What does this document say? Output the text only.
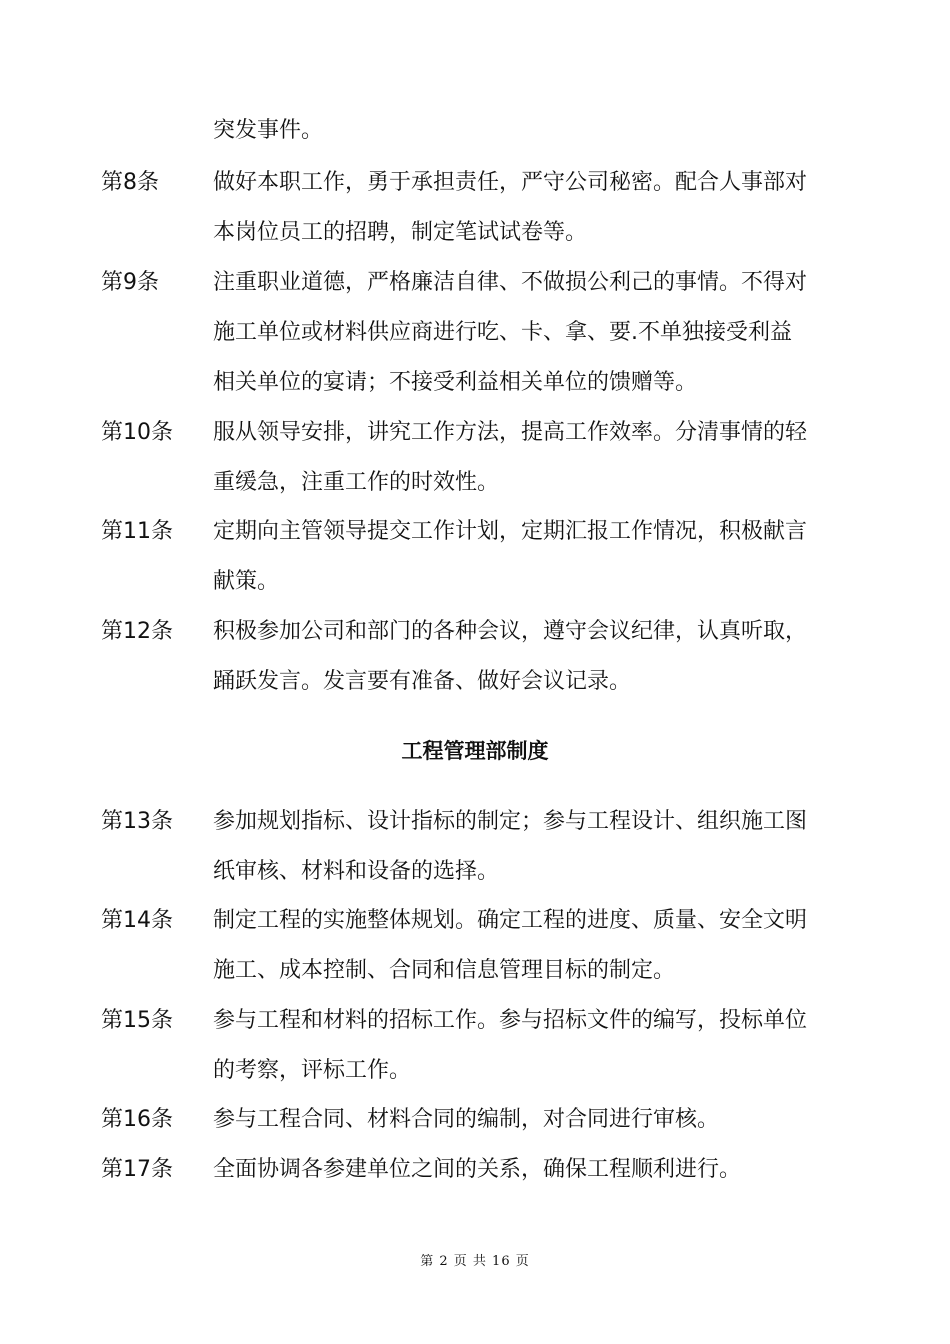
突发事件。
第8条 做好本职工作，勇于承担责任，严守公司秘密。配合人事部对
本岗位员工的招聘，制定笔试试卷等。
第9条 注重职业道德，严格廉洁自律、不做损公利己的事情。不得对
施工单位或材料供应商进行吃、卡、拿、要.不单独接受利益
相关单位的宴请；不接受利益相关单位的馈赠等。
第10条 服从领导安排，讲究工作方法，提高工作效率。分清事情的轻
重缓急，注重工作的时效性。
第11条 定期向主管领导提交工作计划，定期汇报工作情况，积极献言
献策。
第12条 积极参加公司和部门的各种会议，遵守会议纪律，认真听取，
踊跃发言。发言要有准备、做好会议记录。
工程管理部制度
第13条 参加规划指标、设计指标的制定；参与工程设计、组织施工图
纸审核、材料和设备的选择。
第14条 制定工程的实施整体规划。确定工程的进度、质量、安全文明
施工、成本控制、合同和信息管理目标的制定。
第15条 参与工程和材料的招标工作。参与招标文件的编写，投标单位
的考察，评标工作。
第16条 参与工程合同、材料合同的编制，对合同进行审核。
第17条 全面协调各参建单位之间的关系，确保工程顺利进行。
第 2 页 共 16 页
